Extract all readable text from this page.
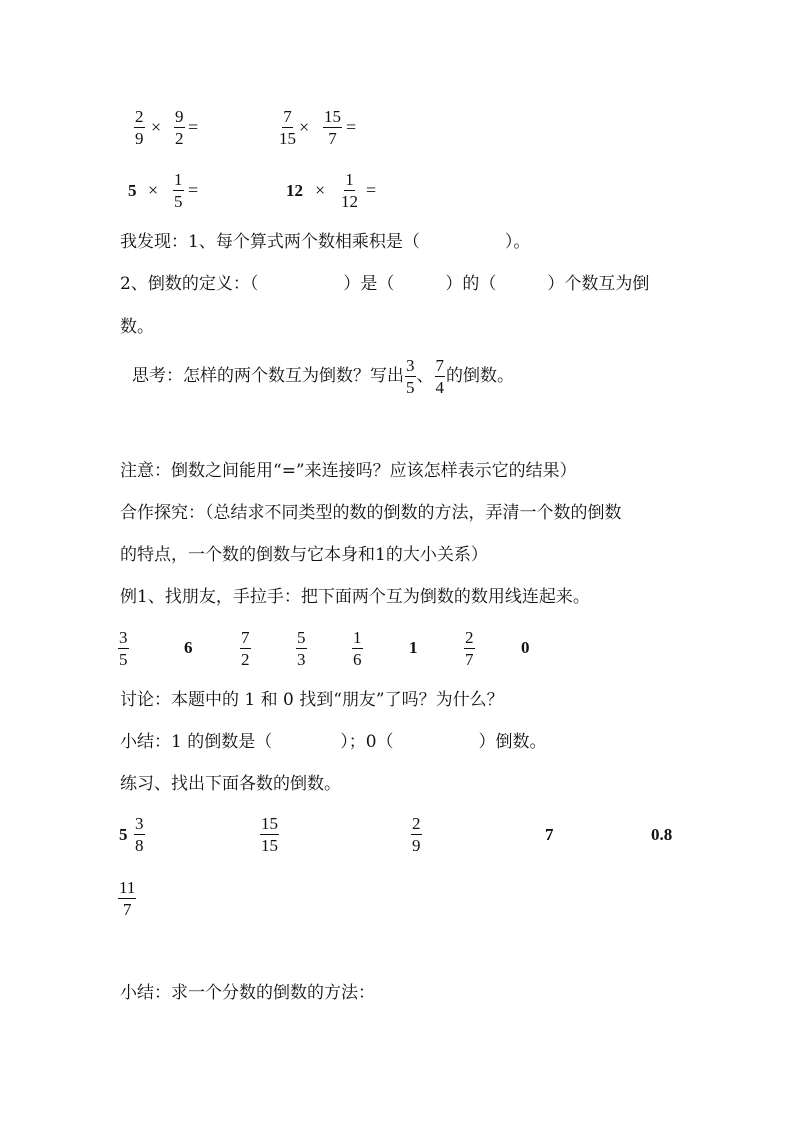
$\frac{2}{9} \times \frac{9}{2}$ =	$\frac{7}{15} \times \frac{15}{7}$ =
$5 \times \frac{1}{5}$ =	$12 \times \frac{1}{12}$ =
我发现：1、每个算式两个数相乘积是（　　　　　）。
2、倒数的定义：（　　　　　）是（　　　）的（　　　）个数互为倒
数。
思考：怎样的两个数互为倒数？写出 $\frac{3}{5}$ 、 $\frac{7}{4}$ 的倒数。
注意：倒数之间能用“=”来连接吗？应该怎样表示它的结果）
合作探究：（总结求不同类型的数的倒数的方法，弄清一个数的倒数
的特点，一个数的倒数与它本身和1的大小关系）
例1、找朋友，手拉手：把下面两个互为倒数的数用线连起来。
$\frac{3}{5}$	6	$\frac{7}{2}$	$\frac{5}{3}$	$\frac{1}{6}$	1	$\frac{2}{7}$	0
讨论：本题中的 1 和 0 找到“朋友”了吗？为什么？
小结：1 的倒数是（　　　　）；0（　　　　　）倒数。
练习、找出下面各数的倒数。
$5 \frac{3}{8}$	$\frac{15}{15}$	$\frac{2}{9}$	7	0.8
$\frac{11}{7}$
小结：求一个分数的倒数的方法：
